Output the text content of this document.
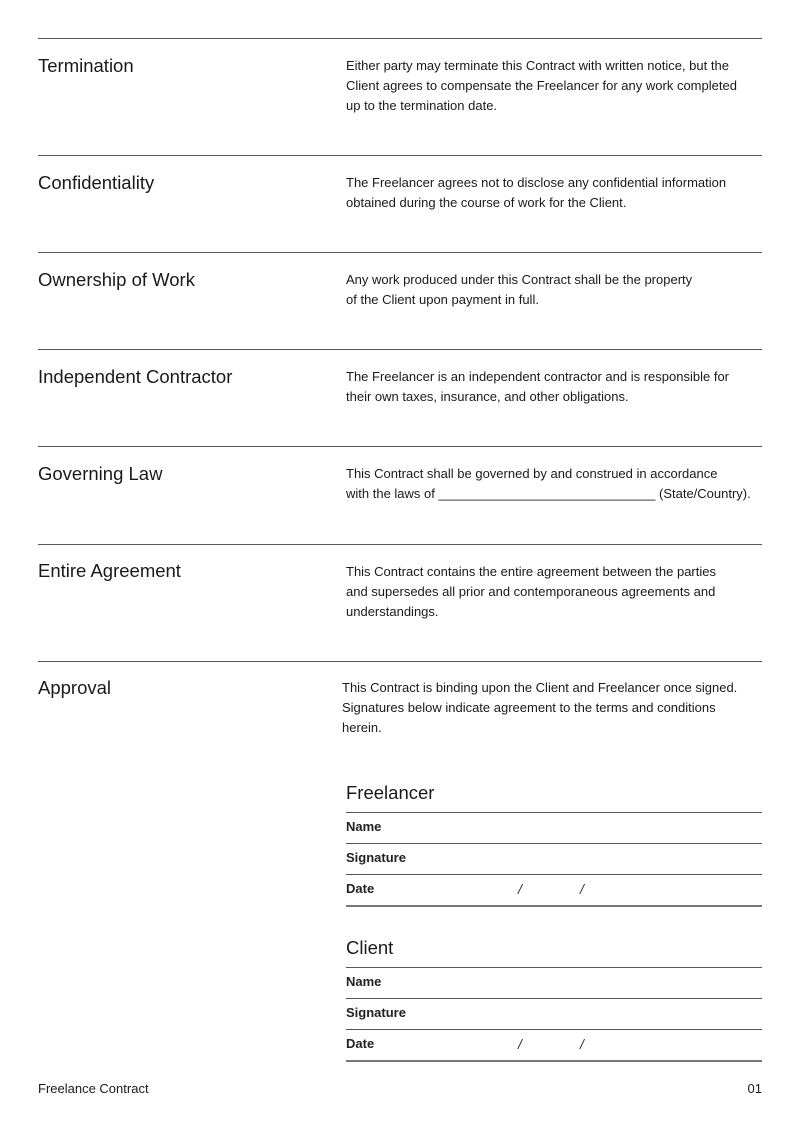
Termination	Either party may terminate this Contract with written notice, but the
Client agrees to compensate the Freelancer for any work completed
up to the termination date.
Confidentiality	The Freelancer agrees not to disclose any confidential information
obtained during the course of work for the Client.
Ownership of Work	Any work produced under this Contract shall be the property
of the Client upon payment in full.
Independent Contractor	The Freelancer is an independent contractor and is responsible for
their own taxes, insurance, and other obligations.
Governing Law	This Contract shall be governed by and construed in accordance
with the laws of ______________________________ (State/Country).
Entire Agreement	This Contract contains the entire agreement between the parties
and supersedes all prior and contemporaneous agreements and
understandings.
Approval	This Contract is binding upon the Client and Freelancer once signed.
Signatures below indicate agreement to the terms and conditions
herein.
Freelancer
Name
Signature
Date	/	/
Client
Name
Signature
Date	/	/
Freelance Contract	01
